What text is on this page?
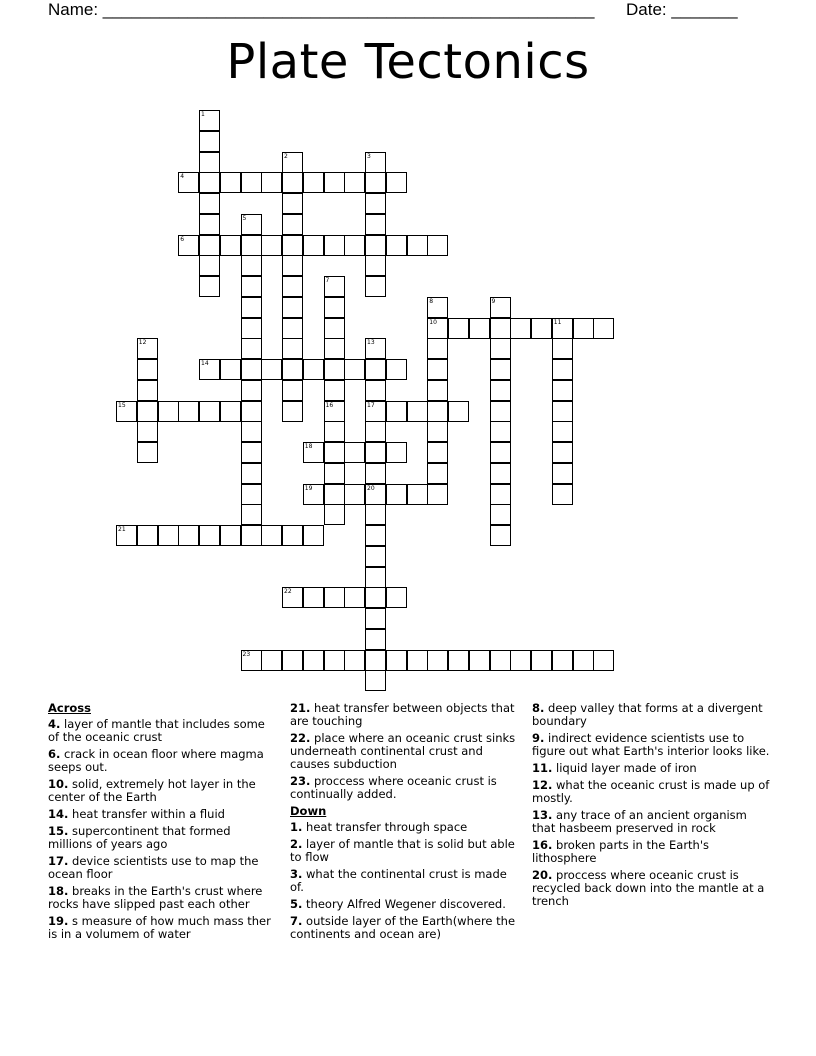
Name: ____________________________________________________ Date: _______
Plate Tectonics
1
2	3
4
5
6
7
8	9
10	11
12	13
14
15	16	17
18
19	20
21
22
23
Across
4. layer of mantle that includes some of the oceanic crust
6. crack in ocean floor where magma seeps out.
10. solid, extremely hot layer in the center of the Earth
14. heat transfer within a fluid
15. supercontinent that formed millions of years ago
17. device scientists use to map the ocean floor
18. breaks in the Earth's crust where rocks have slipped past each other
19. s measure of how much mass ther is in a volumem of water
21. heat transfer between objects that are touching
22. place where an oceanic crust sinks underneath continental crust and causes subduction
23. proccess where oceanic crust is continually added.
Down
1. heat transfer through space
2. layer of mantle that is solid but able to flow
3. what the continental crust is made of.
5. theory Alfred Wegener discovered.
7. outside layer of the Earth(where the continents and ocean are)
8. deep valley that forms at a divergent boundary
9. indirect evidence scientists use to figure out what Earth's interior looks like.
11. liquid layer made of iron
12. what the oceanic crust is made up of mostly.
13. any trace of an ancient organism that hasbeem preserved in rock
16. broken parts in the Earth's lithosphere
20. proccess where oceanic crust is recycled back down into the mantle at a trench
